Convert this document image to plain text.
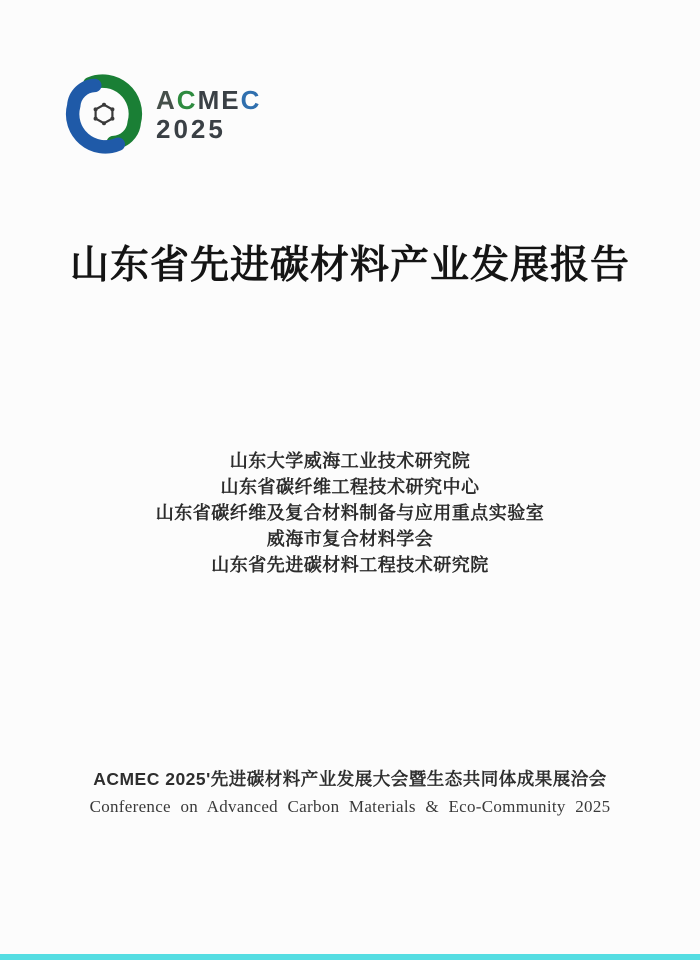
ACMEC
2025
山东省先进碳材料产业发展报告
山东大学威海工业技术研究院
山东省碳纤维工程技术研究中心
山东省碳纤维及复合材料制备与应用重点实验室
威海市复合材料学会
山东省先进碳材料工程技术研究院
ACMEC 2025'先进碳材料产业发展大会暨生态共同体成果展洽会
Conference on Advanced Carbon Materials & Eco-Community 2025
